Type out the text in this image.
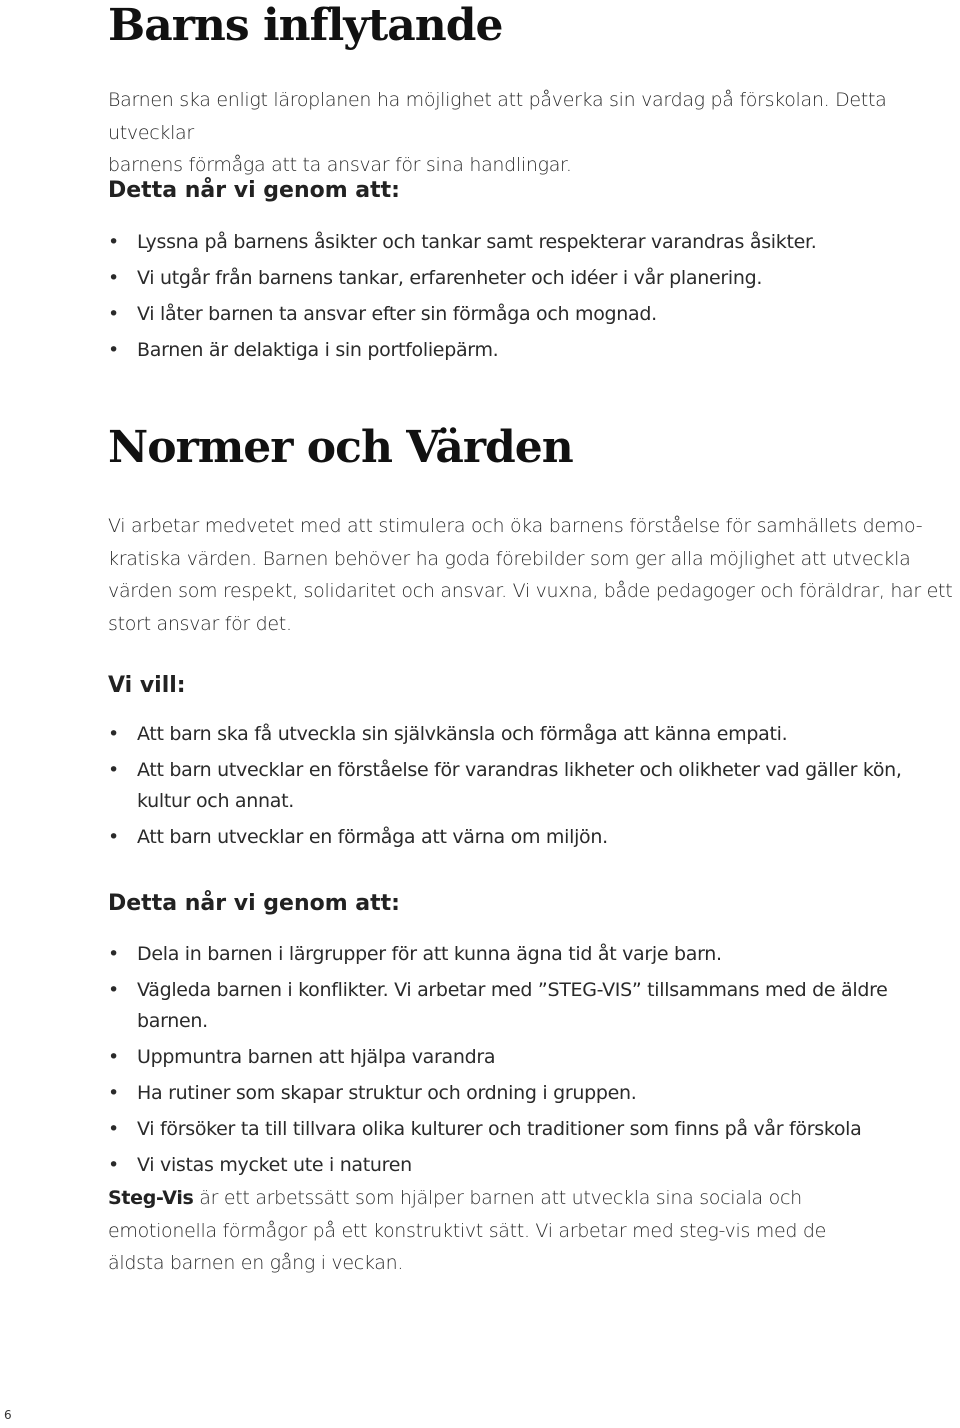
Barns inflytande

Barnen ska enligt läroplanen ha möjlighet att påverka sin vardag på förskolan. Detta utvecklar
barnens förmåga att ta ansvar för sina handlingar.

Detta når vi genom att:
• Lyssna på barnens åsikter och tankar samt respekterar varandras åsikter.
• Vi utgår från barnens tankar, erfarenheter och idéer i vår planering.
• Vi låter barnen ta ansvar efter sin förmåga och mognad.
• Barnen är delaktiga i sin portfoliepärm.
Normer och Värden

Vi arbetar medvetet med att stimulera och öka barnens förståelse för samhällets demo-
kratiska värden. Barnen behöver ha goda förebilder som ger alla möjlighet att utveckla
värden som respekt, solidaritet och ansvar. Vi vuxna, både pedagoger och föräldrar, har ett
stort ansvar för det.

Vi vill:
• Att barn ska få utveckla sin självkänsla och förmåga att känna empati.
• Att barn utvecklar en förståelse för varandras likheter och olikheter vad gäller kön, kultur och annat.
• Att barn utvecklar en förmåga att värna om miljön.
Detta når vi genom att:
• Dela in barnen i lärgrupper för att kunna ägna tid åt varje barn.
• Vägleda barnen i konflikter. Vi arbetar med ”STEG-VIS” tillsammans med de äldre barnen.
• Uppmuntra barnen att hjälpa varandra
• Ha rutiner som skapar struktur och ordning i gruppen.
• Vi försöker ta till tillvara olika kulturer och traditioner som finns på vår förskola
• Vi vistas mycket ute i naturen

Steg-Vis är ett arbetssätt som hjälper barnen att utveckla sina sociala och
emotionella förmågor på ett konstruktivt sätt. Vi arbetar med steg-vis med de
äldsta barnen en gång i veckan.

6
